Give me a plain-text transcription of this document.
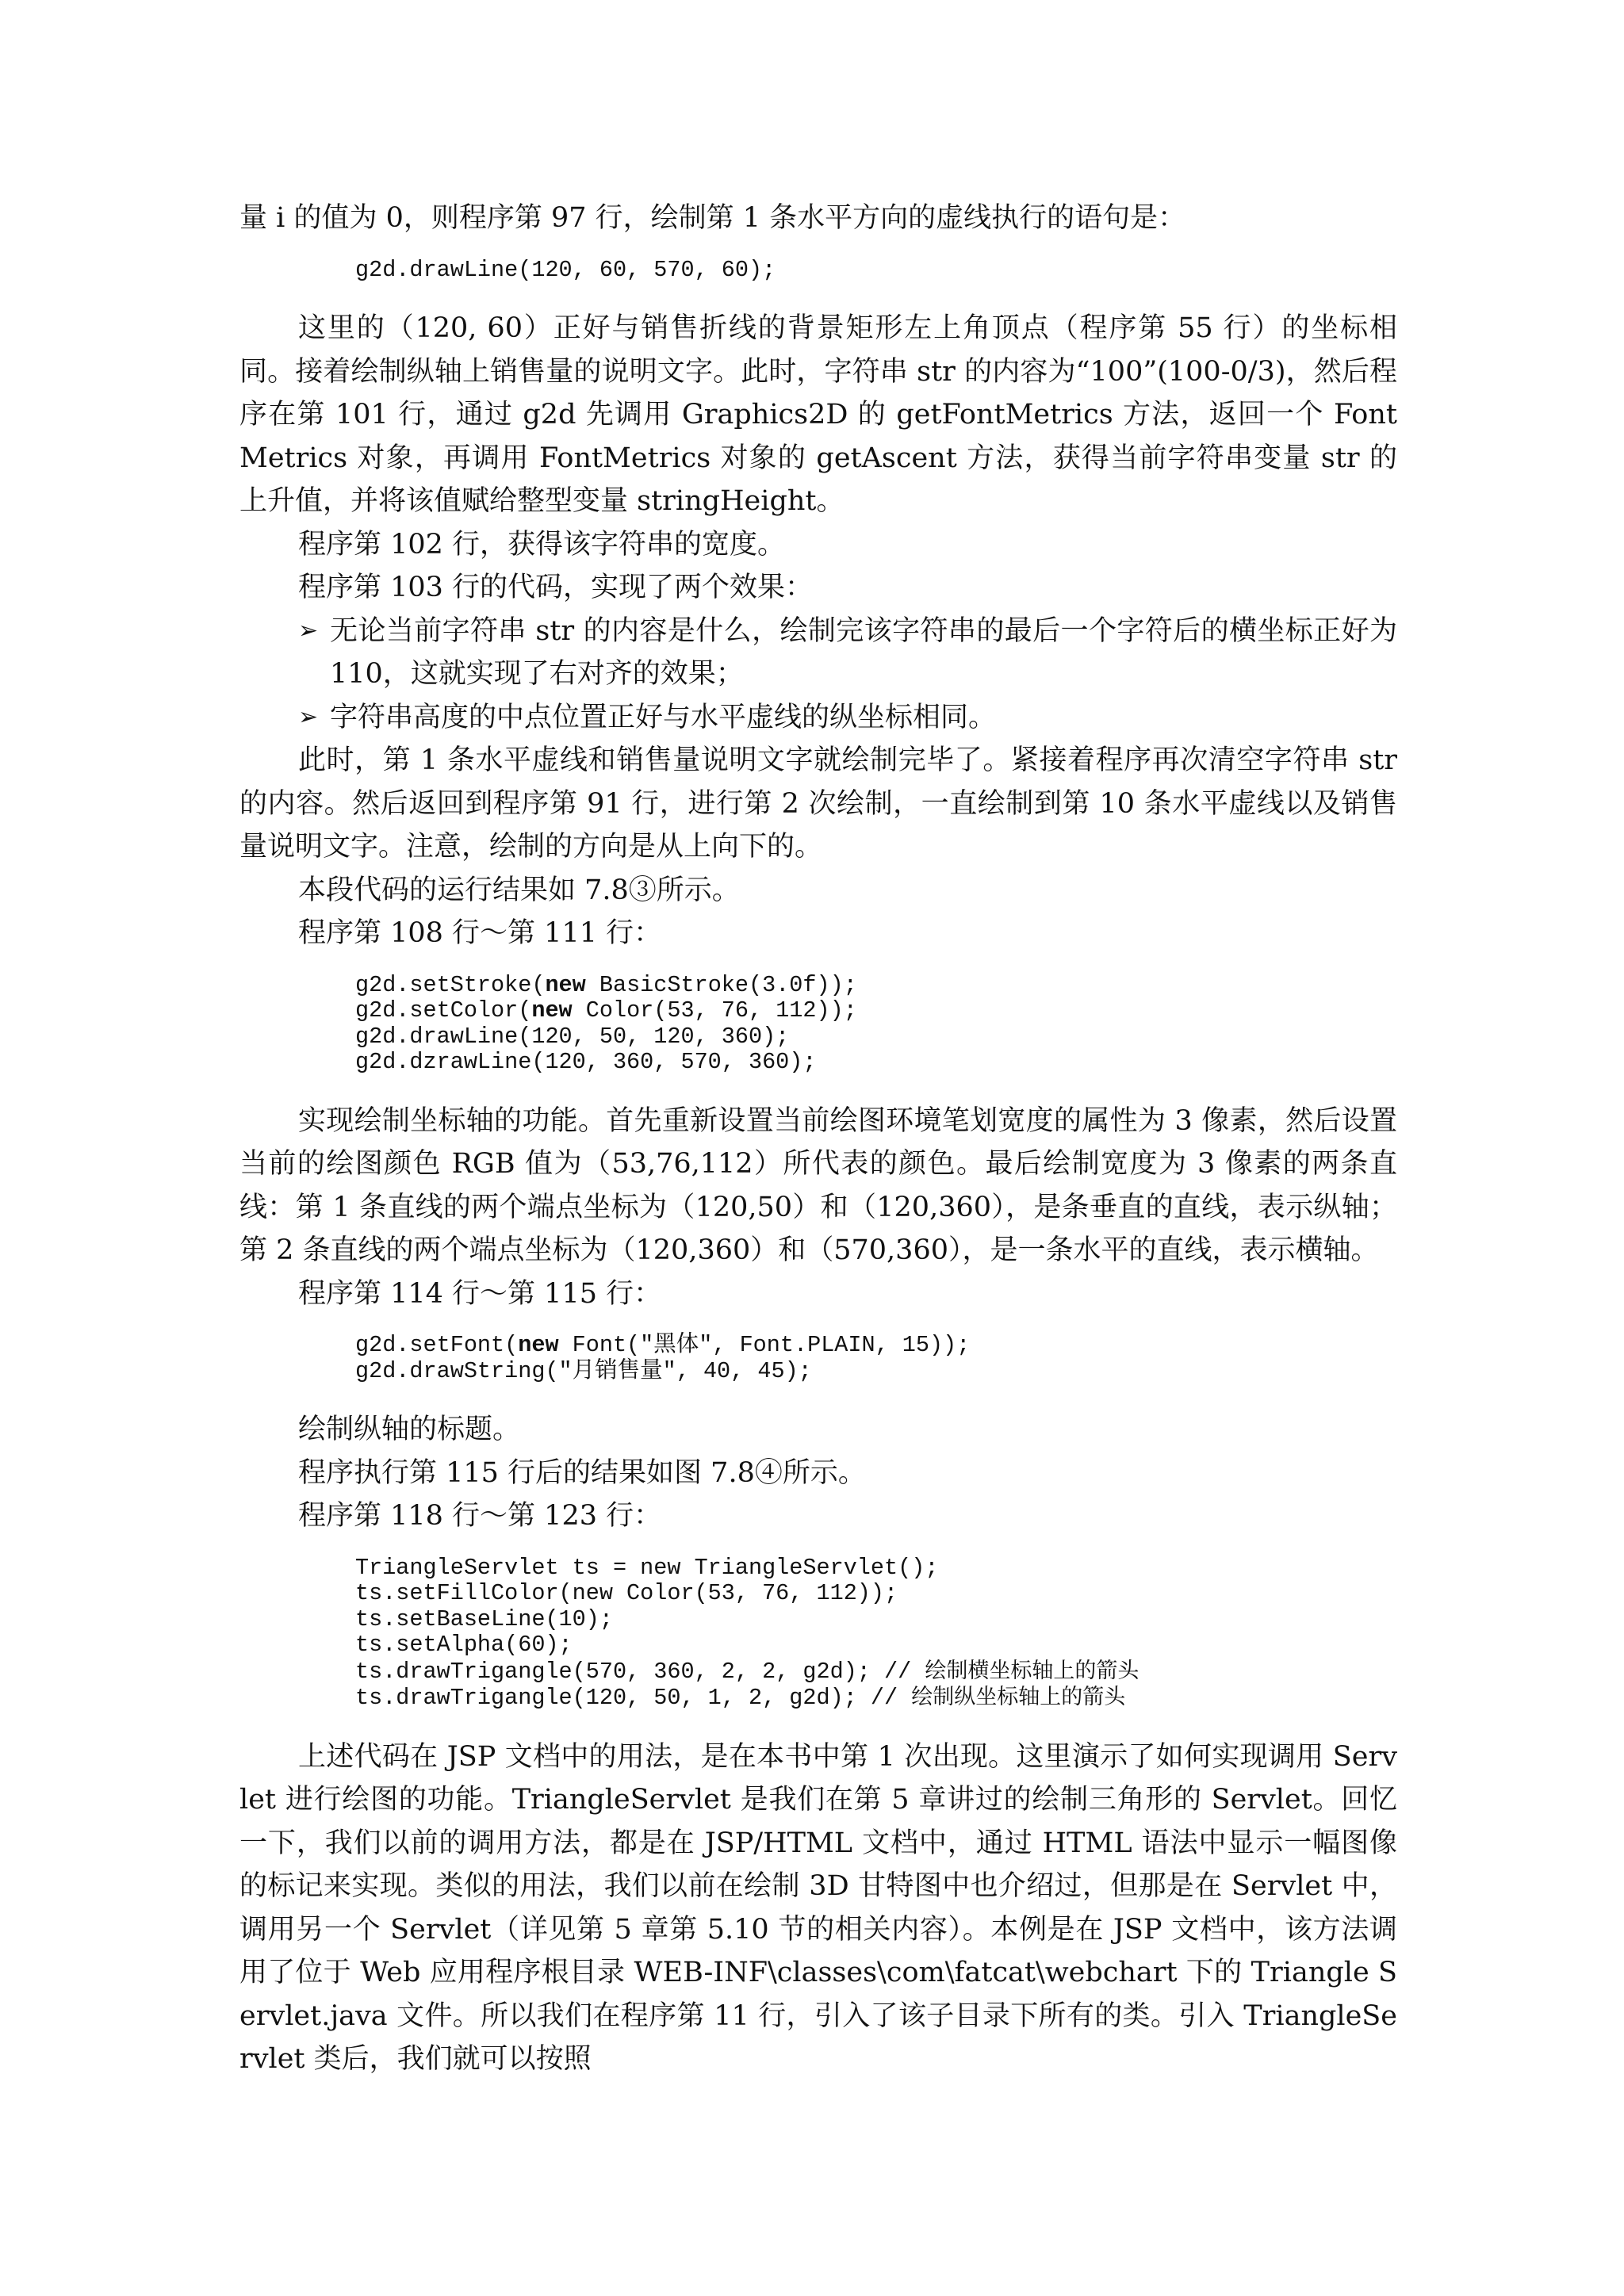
量 i 的值为 0，则程序第 97 行，绘制第 1 条水平方向的虚线执行的语句是：

g2d.drawLine(120, 60, 570, 60);

这里的（120, 60）正好与销售折线的背景矩形左上角顶点（程序第 55 行）的坐标相同。接着绘制纵轴上销售量的说明文字。此时，字符串 str 的内容为“100”(100-0/3)，然后程序在第 101 行，通过 g2d 先调用 Graphics2D 的 getFontMetrics 方法，返回一个 FontMetrics 对象，再调用 FontMetrics 对象的 getAscent 方法，获得当前字符串变量 str 的上升值，并将该值赋给整型变量 stringHeight。

程序第 102 行，获得该字符串的宽度。

程序第 103 行的代码，实现了两个效果：

➢ 无论当前字符串 str 的内容是什么，绘制完该字符串的最后一个字符后的横坐标正好为 110，这就实现了右对齐的效果；

➢ 字符串高度的中点位置正好与水平虚线的纵坐标相同。

此时，第 1 条水平虚线和销售量说明文字就绘制完毕了。紧接着程序再次清空字符串 str 的内容。然后返回到程序第 91 行，进行第 2 次绘制，一直绘制到第 10 条水平虚线以及销售量说明文字。注意，绘制的方向是从上向下的。

本段代码的运行结果如 7.8③所示。

程序第 108 行～第 111 行：

g2d.setStroke(new BasicStroke(3.0f));
g2d.setColor(new Color(53, 76, 112));
g2d.drawLine(120, 50, 120, 360);
g2d.dzrawLine(120, 360, 570, 360);

实现绘制坐标轴的功能。首先重新设置当前绘图环境笔划宽度的属性为 3 像素，然后设置当前的绘图颜色 RGB 值为（53,76,112）所代表的颜色。最后绘制宽度为 3 像素的两条直线：第 1 条直线的两个端点坐标为（120,50）和（120,360），是条垂直的直线，表示纵轴；第 2 条直线的两个端点坐标为（120,360）和（570,360），是一条水平的直线，表示横轴。

程序第 114 行～第 115 行：

g2d.setFont(new Font("黑体", Font.PLAIN, 15));
g2d.drawString("月销售量", 40, 45);

绘制纵轴的标题。

程序执行第 115 行后的结果如图 7.8④所示。

程序第 118 行～第 123 行：

TriangleServlet ts = new TriangleServlet();
ts.setFillColor(new Color(53, 76, 112));
ts.setBaseLine(10);
ts.setAlpha(60);
ts.drawTrigangle(570, 360, 2, 2, g2d); // 绘制横坐标轴上的箭头
ts.drawTrigangle(120, 50, 1, 2, g2d); // 绘制纵坐标轴上的箭头

上述代码在 JSP 文档中的用法，是在本书中第 1 次出现。这里演示了如何实现调用 Servlet 进行绘图的功能。TriangleServlet 是我们在第 5 章讲过的绘制三角形的 Servlet。回忆一下，我们以前的调用方法，都是在 JSP/HTML 文档中，通过 HTML 语法中显示一幅图像的标记来实现。类似的用法，我们以前在绘制 3D 甘特图中也介绍过，但那是在 Servlet 中，调用另一个 Servlet（详见第 5 章第 5.10 节的相关内容）。本例是在 JSP 文档中，该方法调用了位于 Web 应用程序根目录 WEB-INF\classes\com\fatcat\webchart 下的 Triangle Servlet.java 文件。所以我们在程序第 11 行，引入了该子目录下所有的类。引入 TriangleServlet 类后，我们就可以按照
